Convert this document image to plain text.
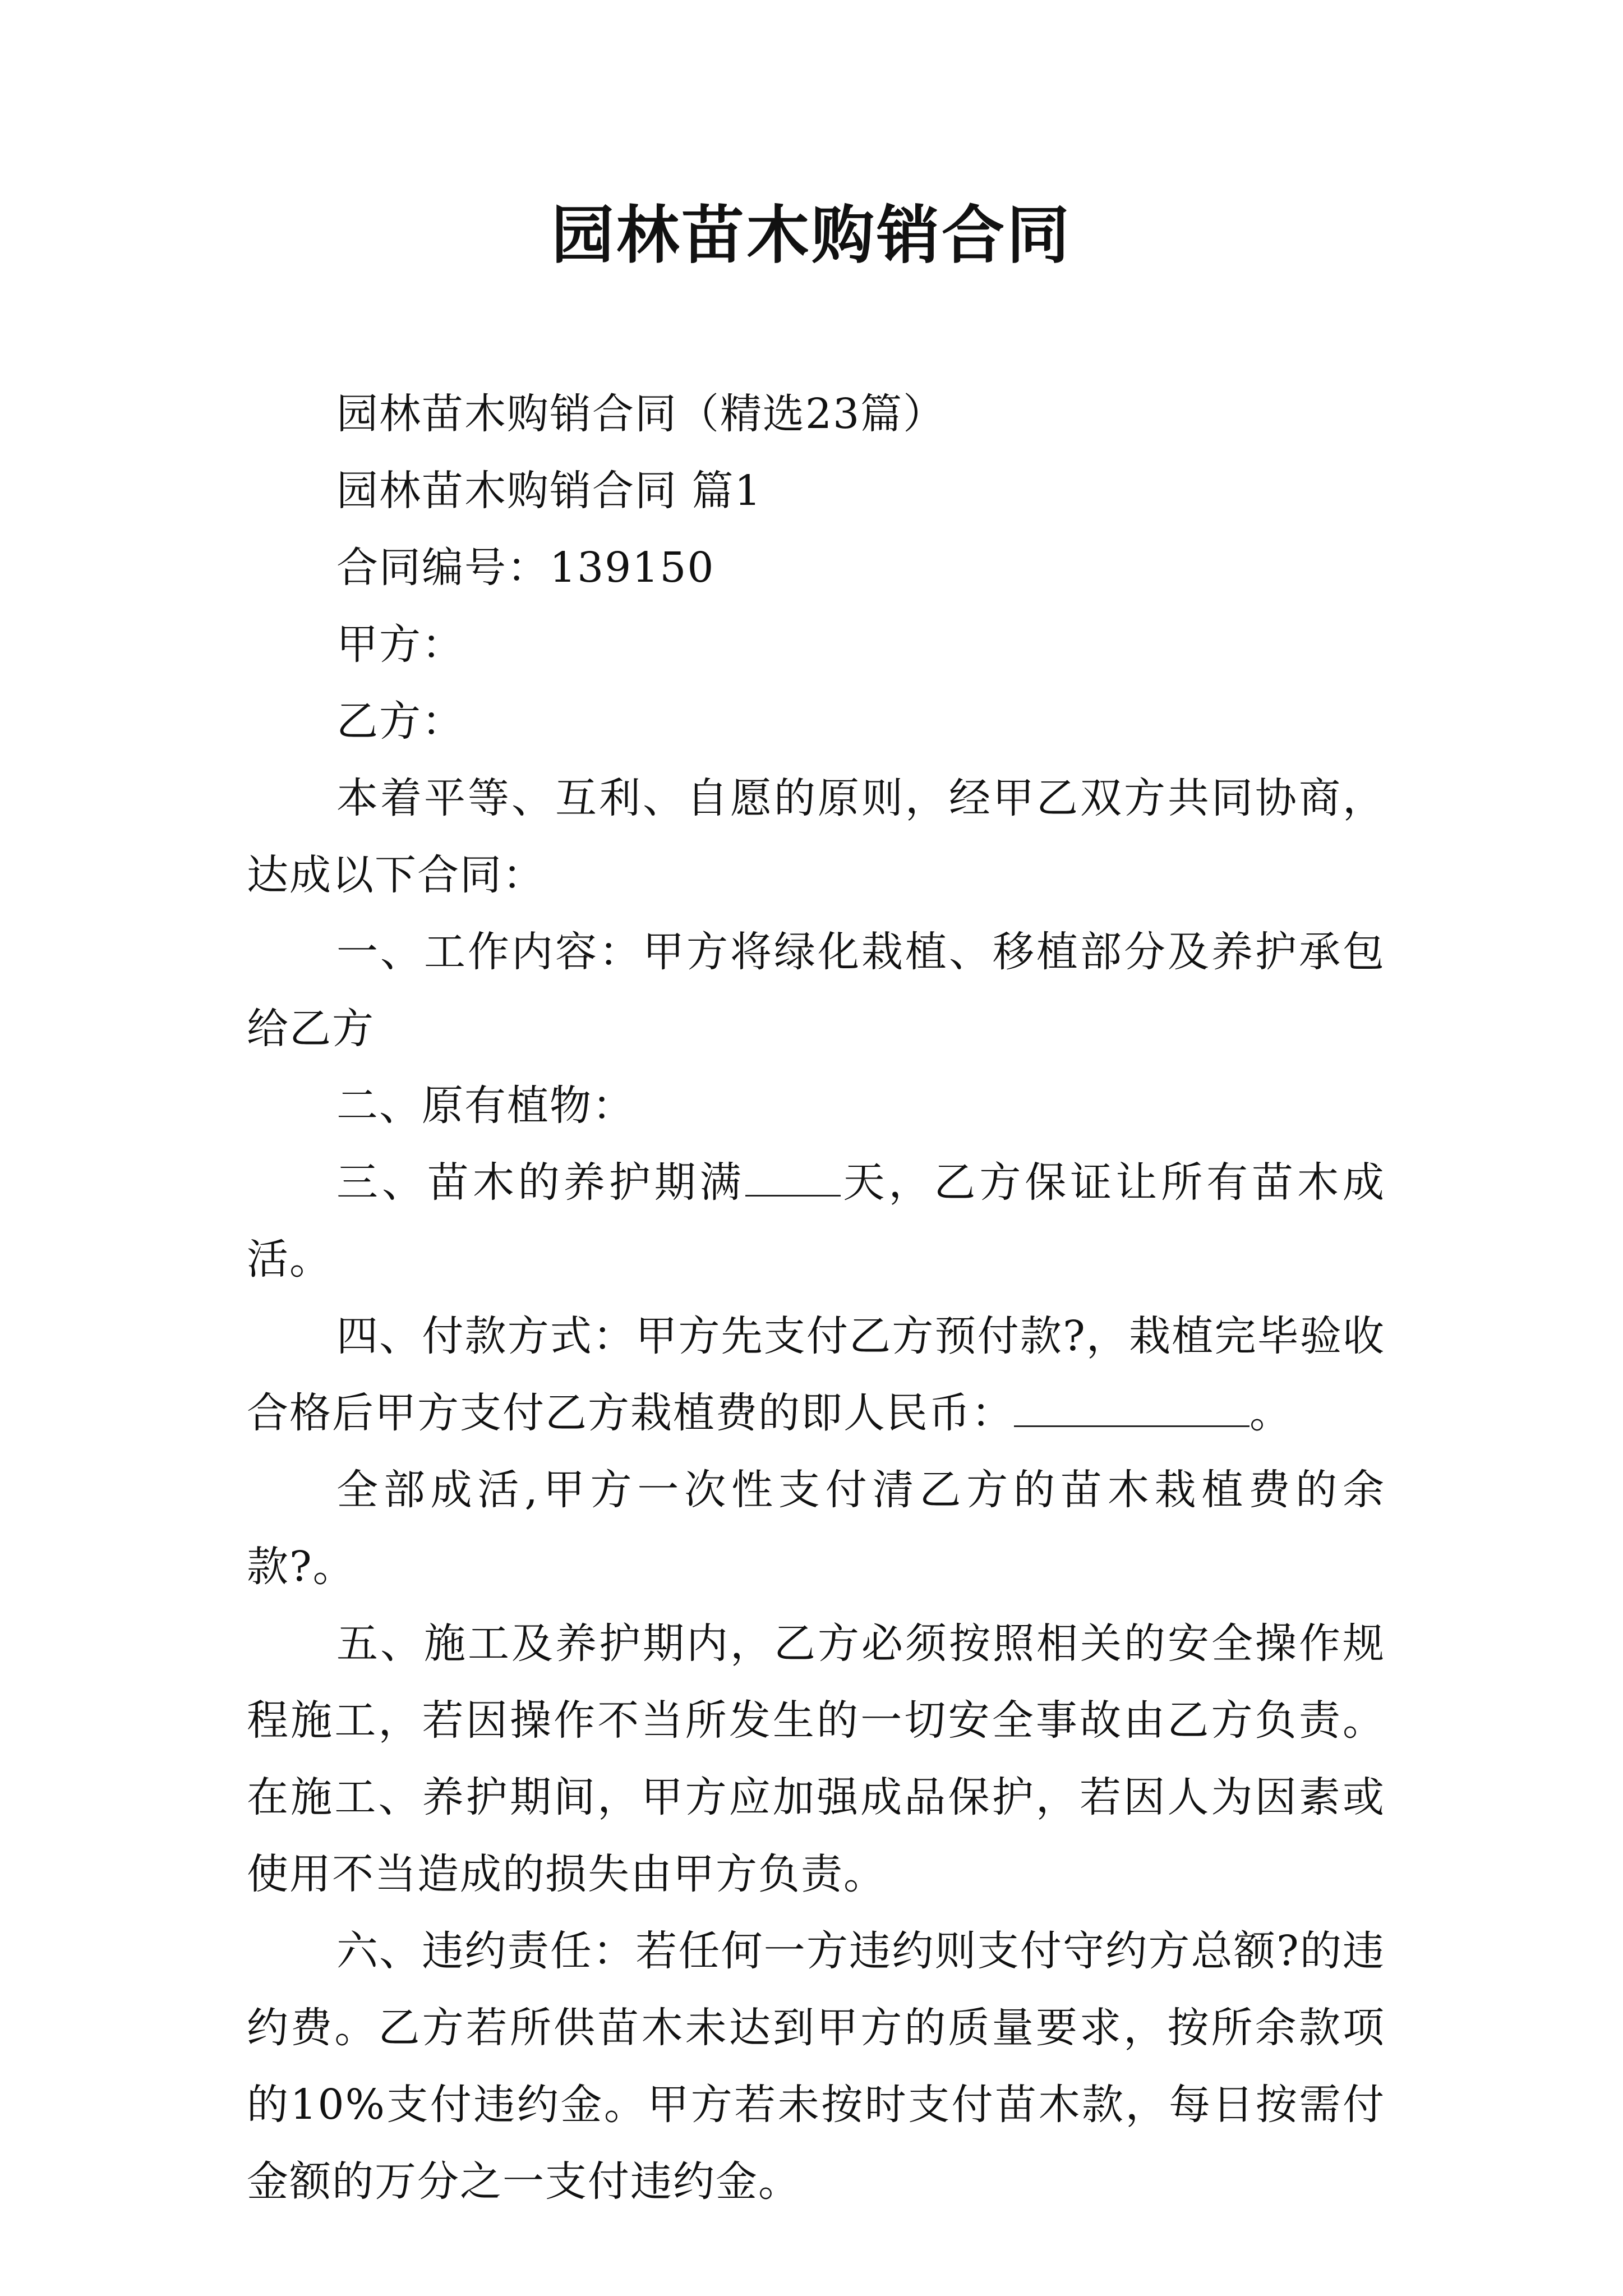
园林苗木购销合同

园林苗木购销合同（精选23篇）

园林苗木购销合同 篇1

合同编号：139150

甲方：

乙方：

本着平等、互利、自愿的原则，经甲乙双方共同协商，达成以下合同：

一、工作内容：甲方将绿化栽植、移植部分及养护承包给乙方

二、原有植物：

三、苗木的养护期满 天，乙方保证让所有苗木成活。

四、付款方式：甲方先支付乙方预付款?，栽植完毕验收合格后甲方支付乙方栽植费的即人民币：	。

全部成活,甲方一次性支付清乙方的苗木栽植费的余款?。

五、施工及养护期内，乙方必须按照相关的安全操作规程施工，若因操作不当所发生的一切安全事故由乙方负责。在施工、养护期间，甲方应加强成品保护，若因人为因素或使用不当造成的损失由甲方负责。

六、违约责任：若任何一方违约则支付守约方总额?的违约费。乙方若所供苗木未达到甲方的质量要求，按所余款项的10%支付违约金。甲方若未按时支付苗木款，每日按需付金额的万分之一支付违约金。
